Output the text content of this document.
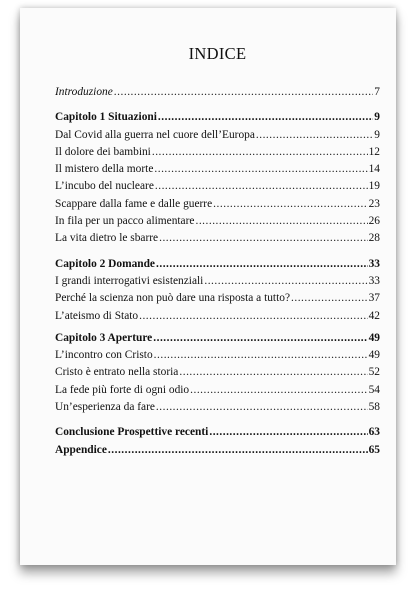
INDICE
Introduzione .....	7
Capitolo 1 Situazioni .....	9
Dal Covid alla guerra nel cuore dell’Europa .....	9
Il dolore dei bambini .....	12
Il mistero della morte .....	14
L’incubo del nucleare .....	19
Scappare dalla fame e dalle guerre .....	23
In fila per un pacco alimentare .....	26
La vita dietro le sbarre .....	28
Capitolo 2 Domande .....	33
I grandi interrogativi esistenziali .....	33
Perché la scienza non può dare una risposta a tutto? .....	37
L’ateismo di Stato .....	42
Capitolo 3 Aperture .....	49
L’incontro con Cristo .....	49
Cristo è entrato nella storia .....	52
La fede più forte di ogni odio .....	54
Un’esperienza da fare .....	58
Conclusione Prospettive recenti .....	63
Appendice .....	65
